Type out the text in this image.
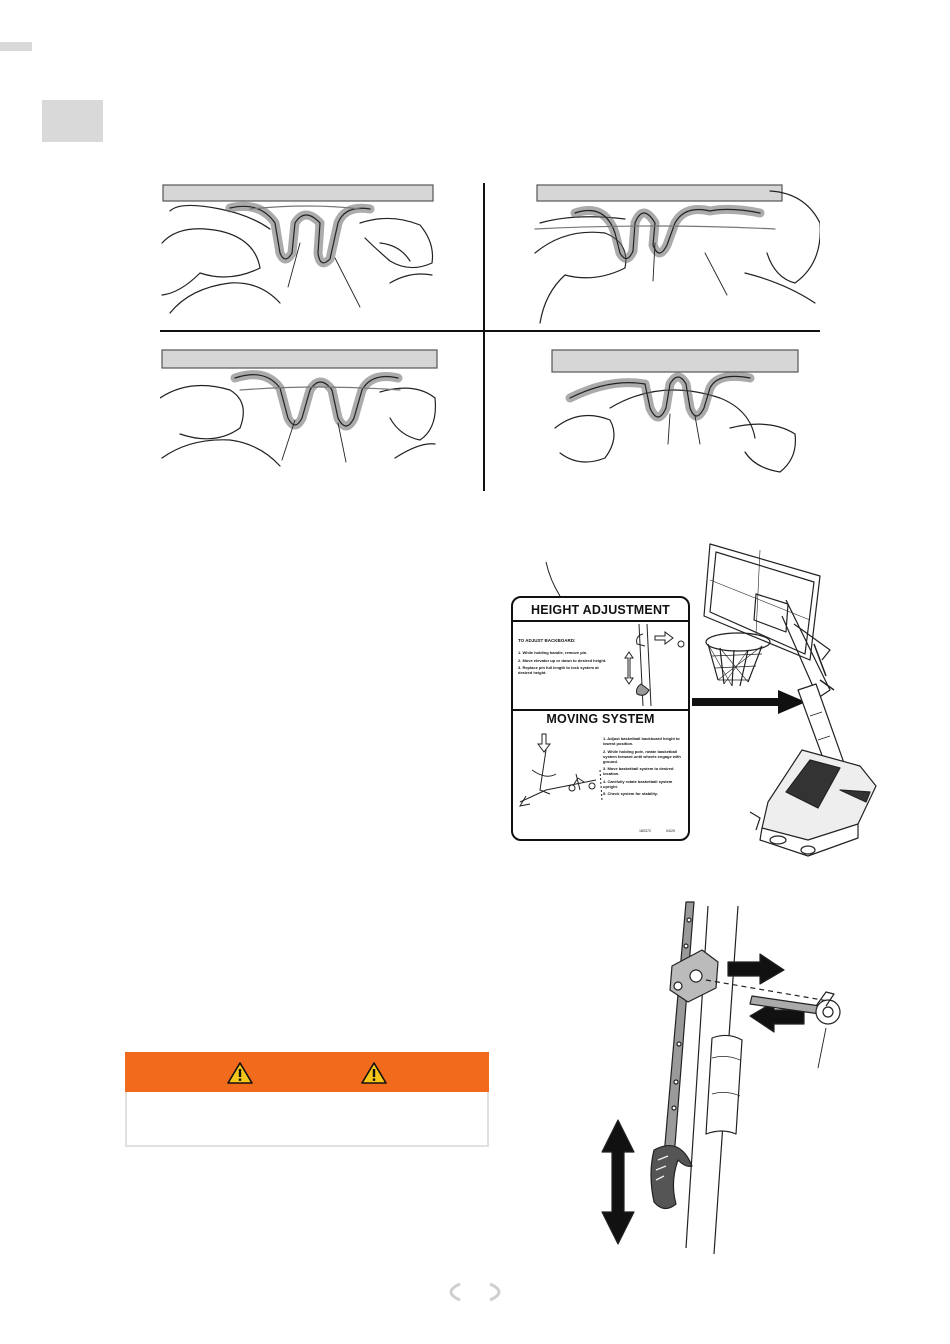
HEIGHT ADJUSTMENT
TO ADJUST BACKBOARD:
1. While holding handle, remove pin.
2. Move elevator up or down to desired height.
3. Replace pin full length to lock system at desired height.
MOVING SYSTEM
1. Adjust basketball backboard height to lowest position.
2. While holding pole, rotate basketball system forward until wheels engage with ground.
3. Move basketball system to desired location.
4. Carefully rotate basketball system upright.
5. Check system for stability.
180372	04/20
